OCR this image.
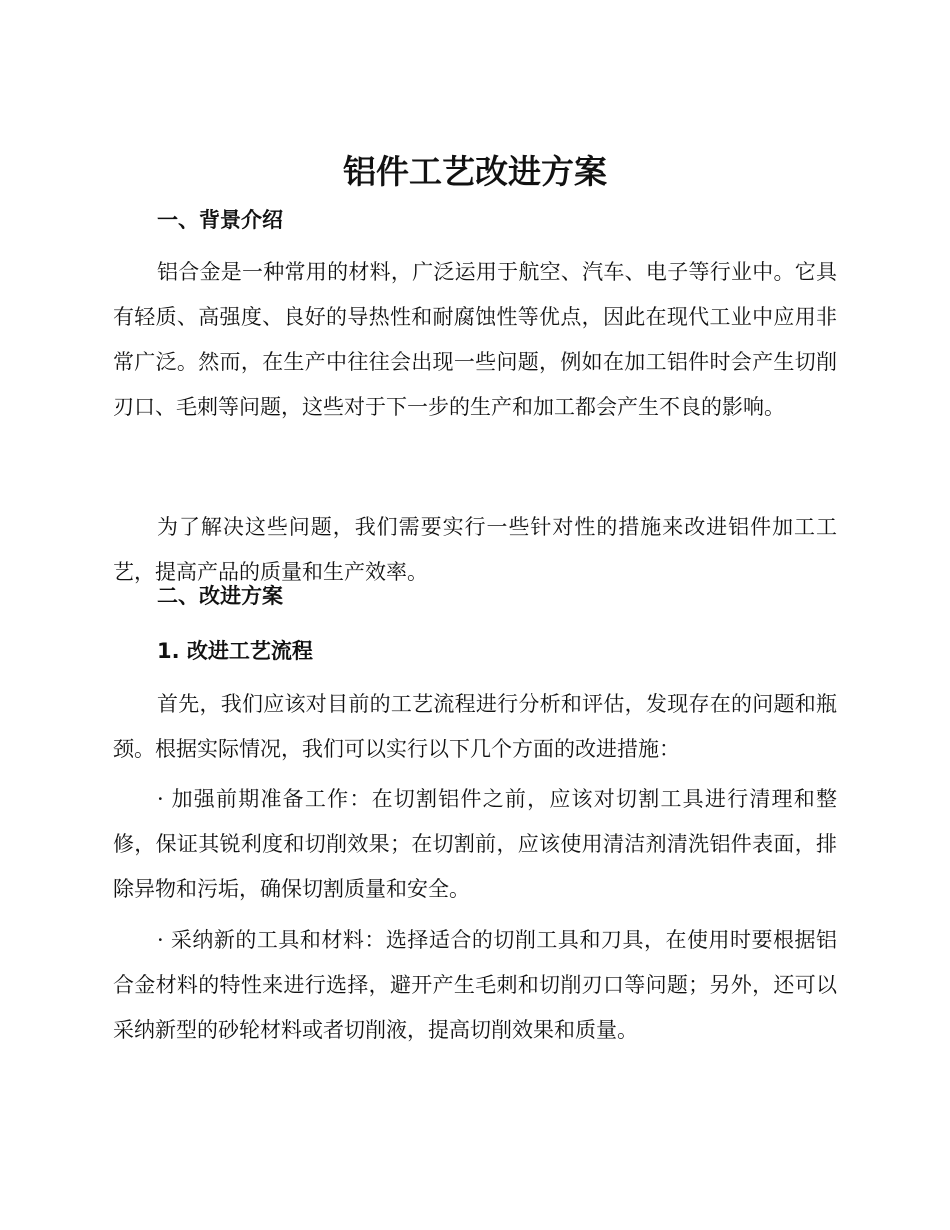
铝件工艺改进方案
一、背景介绍

铝合金是一种常用的材料，广泛运用于航空、汽车、电子等行业中。它具有轻质、高强度、良好的导热性和耐腐蚀性等优点，因此在现代工业中应用非常广泛。然而，在生产中往往会出现一些问题，例如在加工铝件时会产生切削刃口、毛刺等问题，这些对于下一步的生产和加工都会产生不良的影响。

为了解决这些问题，我们需要实行一些针对性的措施来改进铝件加工工艺，提高产品的质量和生产效率。

二、改进方案
1. 改进工艺流程

首先，我们应该对目前的工艺流程进行分析和评估，发现存在的问题和瓶颈。根据实际情况，我们可以实行以下几个方面的改进措施：

· 加强前期准备工作：在切割铝件之前，应该对切割工具进行清理和整修，保证其锐利度和切削效果；在切割前，应该使用清洁剂清洗铝件表面，排除异物和污垢，确保切割质量和安全。

· 采纳新的工具和材料：选择适合的切削工具和刀具，在使用时要根据铝合金材料的特性来进行选择，避开产生毛刺和切削刃口等问题；另外，还可以采纳新型的砂轮材料或者切削液，提高切削效果和质量。
